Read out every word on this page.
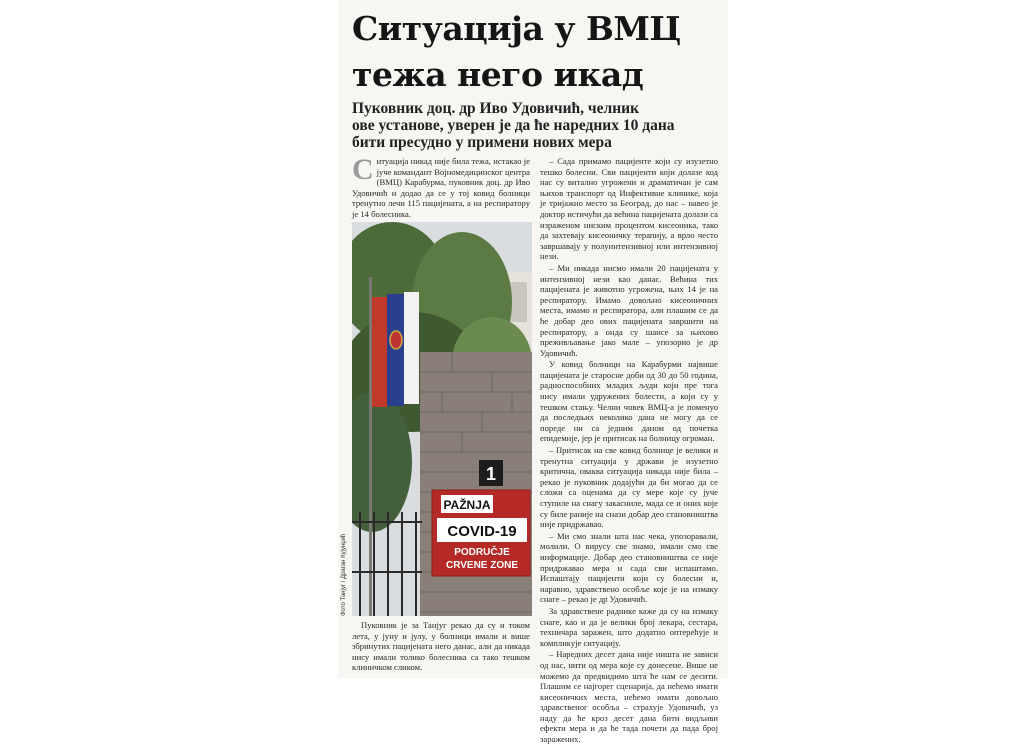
Ситуација у ВМЦ
тежа него икад
Пуковник доц. др Иво Удовичић, челник
ове установе, уверен је да ће наредних 10 дана
бити пресудно у примени нових мера

Ситуација никад није била тежа, истакао је јуче командант Војномедицинског центра (ВМЦ) Карабурма, пуковник доц. др Иво Удовичић и додао да се у тој ковид болници тренутно лечи 115 пацијената, а на респиратору је 14 болесника.

1
PAŽNJA
COVID-19
PODRUČJE
CRVENE ZONE
Фото Танјуг / Драган Кујунџић

Пуковник је за Танјуг рекао да су и током лета, у јуну и јулу, у болници имали и више збринутих пацијената него данас, али да никада нису имали толико болесника са тако тешком клиничком сликом.

– Сада примамо пацијенте који су изузетно тешко болесни. Сви пацијенти који долазе код нас су витално угрожени и драматичан је сам њихов транспорт од Инфективне клинике, која је тријажно место за Београд, до нас – навео је доктор истичући да већина пацијената долази са израженом ниским процентом кисеоника, тако да захтевају кисеоничку терапију, а врло често завршавају у полуинтензивној или интензивној нези.

– Ми никада нисмо имали 20 пацијената у интензивној нези као данас. Већина тих пацијената је животно угрожена, њих 14 је на респиратору. Имамо довољно кисеоничних места, имамо и респиратора, али плашим се да ће добар део ових пацијената завршити на респиратору, а онда су шансе за њихово преживљавање јако мале – упозорио је др Удовичић.

У ковид болници на Карабурми највише пацијената је старосне доби од 30 до 50 година, радноспособних младих људи који пре тога нису имали удружених болести, а који су у тешком стању. Челни човек ВМЦ-а је поменуо да последњих неколико дана не могу да се пореде ни са једним даном од почетка епидемије, јер је притисак на болницу огроман.

– Притисак на све ковид болнице је велики и тренутна ситуација у држави је изузетно критична, оваква ситуација никада није била – рекао је пуковник додајући да би могао да се сложи са оценама да су мере које су јуче ступиле на снагу закасниле, мада се и оних које су биле раније на снази добар део становништва није придржавао.

– Ми смо знали шта нас чека, упозоравали, молили. О вирусу све знамо, имали смо све информације. Добар део становништва се није придржавао мера и сада сви испаштамо. Испаштају пацијенти који су болесни и, наравно, здравствено особље које је на измаку снаге – рекао је др Удовичић.

За здравствене раднике каже да су на измаку снаге, као и да је велики број лекара, сестара, техничара заражен, што додатно оптерећује и компликује ситуацију.

– Наредних десет дана није ништа не зависи од нас, нити од мера које су донесене. Више не можемо да предвидимо шта ће нам се десити. Плашим се најгорег сценарија, да нећемо имати кисеоничких места, нећемо имати довољно здравственог особља – страхује Удовичић, уз наду да ће кроз десет дана бити видљиви ефекти мера и да ће тада почети да пада број заражених.
